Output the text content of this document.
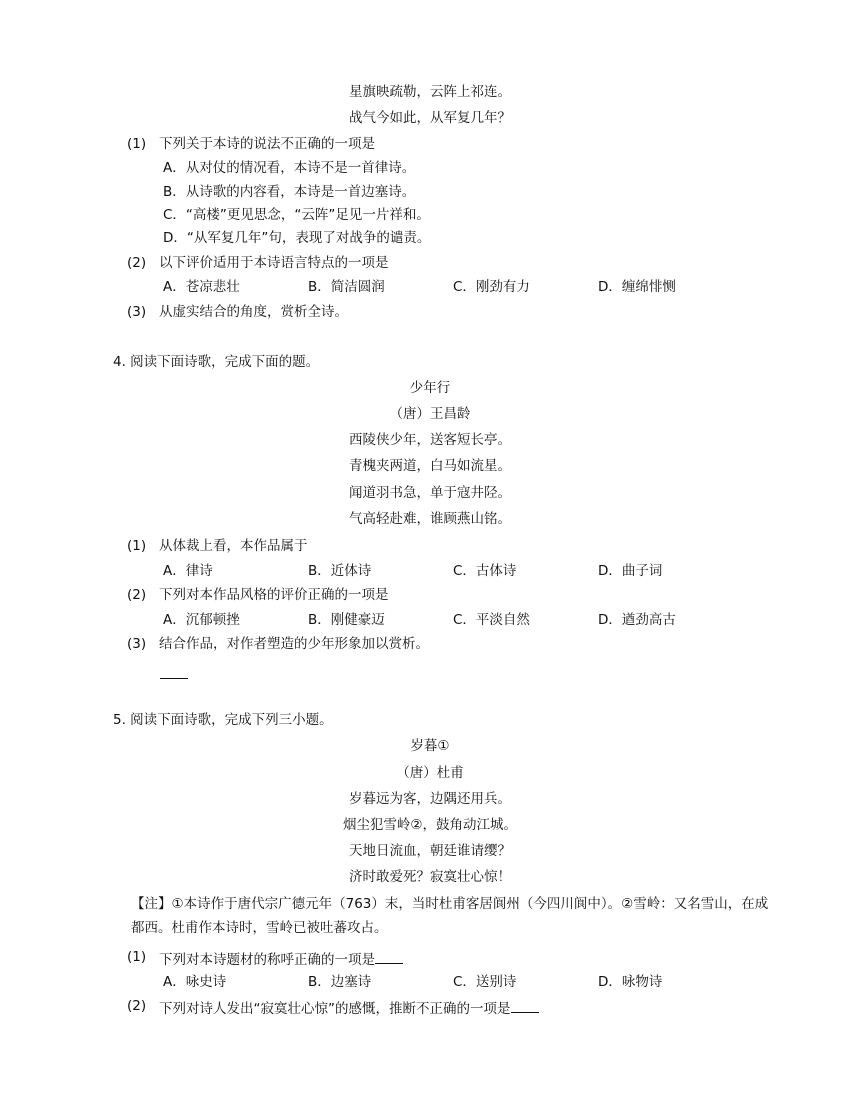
星旗映疏勒，云阵上祁连。
战气今如此，从军复几年？
(1) 下列关于本诗的说法不正确的一项是
A．从对仗的情况看，本诗不是一首律诗。
B．从诗歌的内容看，本诗是一首边塞诗。
C．“高楼”更见思念，“云阵”足见一片祥和。
D．“从军复几年”句，表现了对战争的谴责。
(2) 以下评价适用于本诗语言特点的一项是
A．苍凉悲壮	B．简洁圆润	C．刚劲有力	D．缠绵悱恻
(3) 从虚实结合的角度，赏析全诗。
4. 阅读下面诗歌，完成下面的题。
少年行
（唐）王昌龄
西陵侠少年，送客短长亭。
青槐夹两道，白马如流星。
闻道羽书急，单于寇井陉。
气高轻赴难，谁顾燕山铭。
(1) 从体裁上看，本作品属于
A．律诗	B．近体诗	C．古体诗	D．曲子词
(2) 下列对本作品风格的评价正确的一项是
A．沉郁顿挫	B．刚健豪迈	C．平淡自然	D．遒劲高古
(3) 结合作品，对作者塑造的少年形象加以赏析。
5. 阅读下面诗歌，完成下列三小题。
岁暮①
（唐）杜甫
岁暮远为客，边隅还用兵。
烟尘犯雪岭②，鼓角动江城。
天地日流血，朝廷谁请缨？
济时敢爱死？寂寞壮心惊！
【注】①本诗作于唐代宗广德元年（763）末，当时杜甫客居阆州（今四川阆中）。②雪岭：又名雪山，在成都西。杜甫作本诗时，雪岭已被吐蕃攻占。
(1) 下列对本诗题材的称呼正确的一项是
A．咏史诗	B．边塞诗	C．送别诗	D．咏物诗
(2) 下列对诗人发出“寂寞壮心惊”的感慨，推断不正确的一项是
